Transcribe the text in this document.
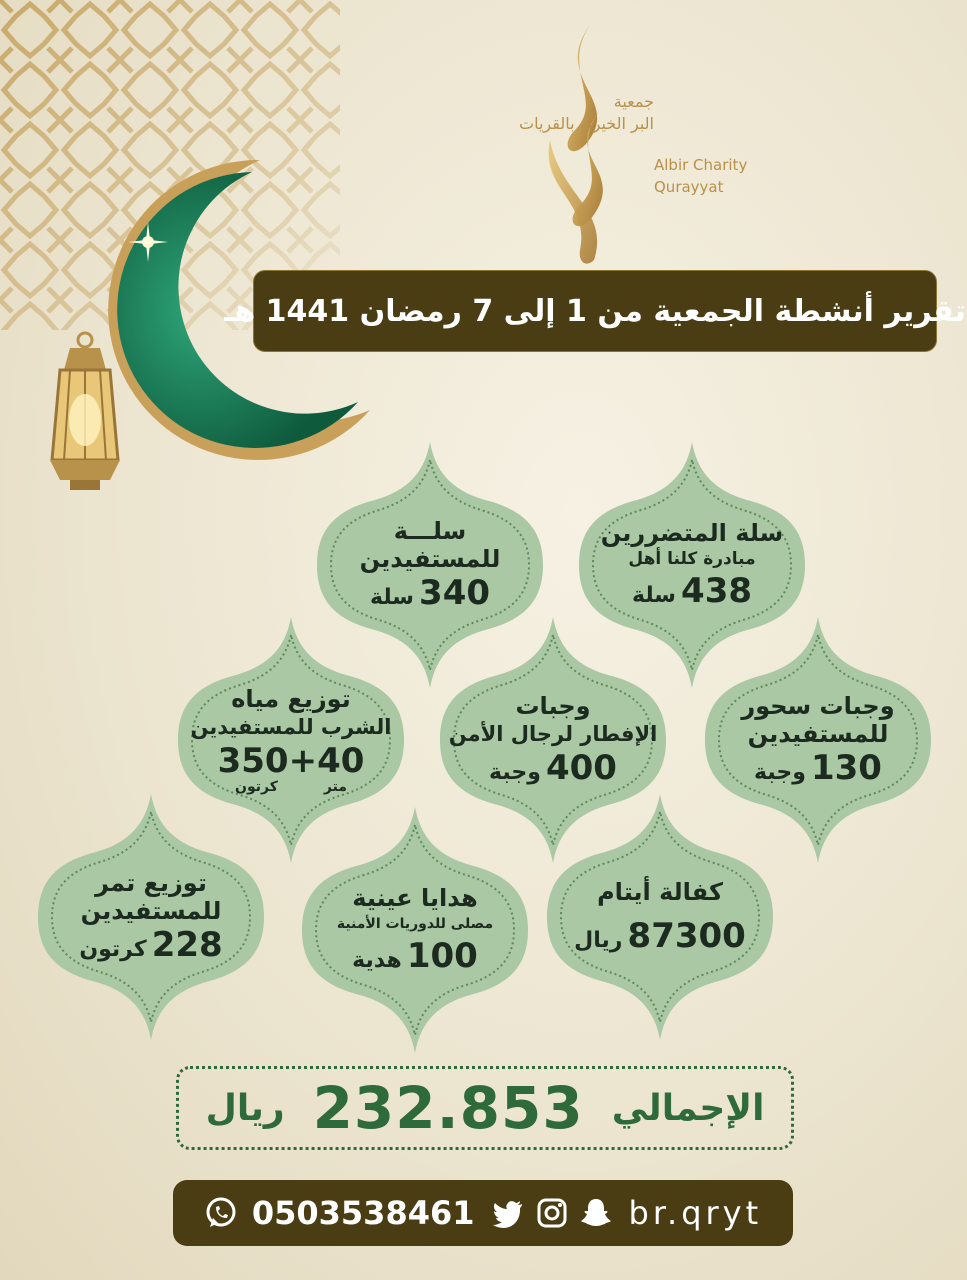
جمعية
البر الخيرية بالقريات
Albir Charity
Qurayyat
تقرير أنشطة الجمعية من 1 إلى 7 رمضان 1441 هـ
سلة المتضررين
مبادرة كلنا أهل
438 سلة
سلـــة
للمستفيدين
340 سلة
وجبات سحور
للمستفيدين
130 وجبة
وجبات
الإفطار لرجال الأمن
400 وجبة
توزيع مياه
الشرب للمستفيدين
350+40
متر
كرتون
كفالة أيتام
87300 ريال
هدايا عينية
مصلى للدوريات الأمنية
100 هدية
توزيع تمر
للمستفيدين
228 كرتون
الإجمالي
232.853
ريال
0503538461	br.qryt
